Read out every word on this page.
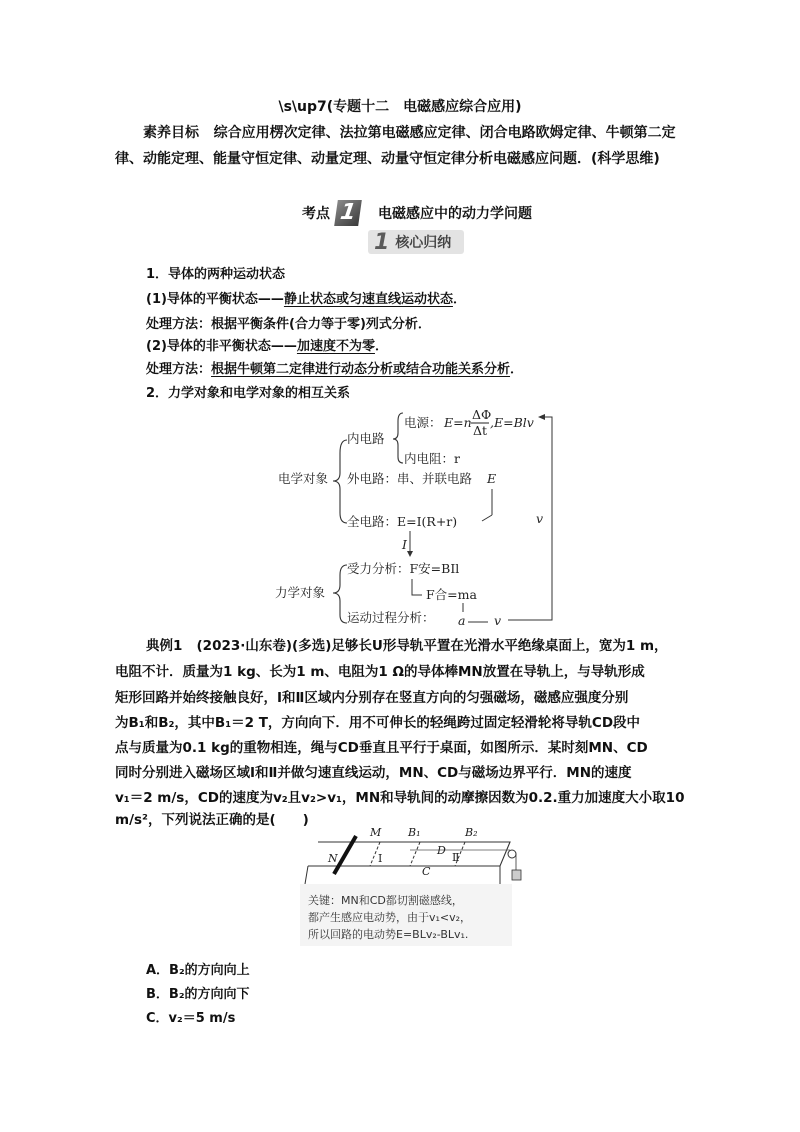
\s\up7(专题十二　电磁感应综合应用)
素养目标 综合应用楞次定律、法拉第电磁感应定律、闭合电路欧姆定律、牛顿第二定律、动能定理、能量守恒定律、动量定理、动量守恒定律分析电磁感应问题．(科学思维)
考点 1	电磁感应中的动力学问题
1 核心归纳
1．导体的两种运动状态
(1)导体的平衡状态——静止状态或匀速直线运动状态．
处理方法：根据平衡条件(合力等于零)列式分析．
(2)导体的非平衡状态——加速度不为零．
处理方法：根据牛顿第二定律进行动态分析或结合功能关系分析．
2．力学对象和电学对象的相互关系
电学对象
内电路
电源： E=n
ΔΦ
Δt
,E=Blv
内电阻：r
外电路：串、并联电路 E
全电路：E=I(R+r)
I
力学对象
受力分析：F安=BIl
F合=ma
运动过程分析： a v
v
典例1 (2023·山东卷)(多选)足够长U形导轨平置在光滑水平绝缘桌面上，宽为1 m，
电阻不计．质量为1 kg、长为1 m、电阻为1 Ω的导体棒MN放置在导轨上，与导轨形成
矩形回路并始终接触良好，Ⅰ和Ⅱ区域内分别存在竖直方向的匀强磁场，磁感应强度分别
为B₁和B₂，其中B₁＝2 T，方向向下．用不可伸长的轻绳跨过固定轻滑轮将导轨CD段中
点与质量为0.1 kg的重物相连，绳与CD垂直且平行于桌面，如图所示．某时刻MN、CD
同时分别进入磁场区域Ⅰ和Ⅱ并做匀速直线运动，MN、CD与磁场边界平行．MN的速度
v₁＝2 m/s，CD的速度为v₂且v₂>v₁，MN和导轨间的动摩擦因数为0.2.重力加速度大小取10
m/s²，下列说法正确的是(　　)
M
N
B₁	B₂
D
C
Ⅰ	Ⅱ
关键：MN和CD都切割磁感线，
都产生感应电动势，由于v₁<v₂，
所以回路的电动势E=BLv₂-BLv₁.
A．B₂的方向向上
B．B₂的方向向下
C．v₂＝5 m/s
